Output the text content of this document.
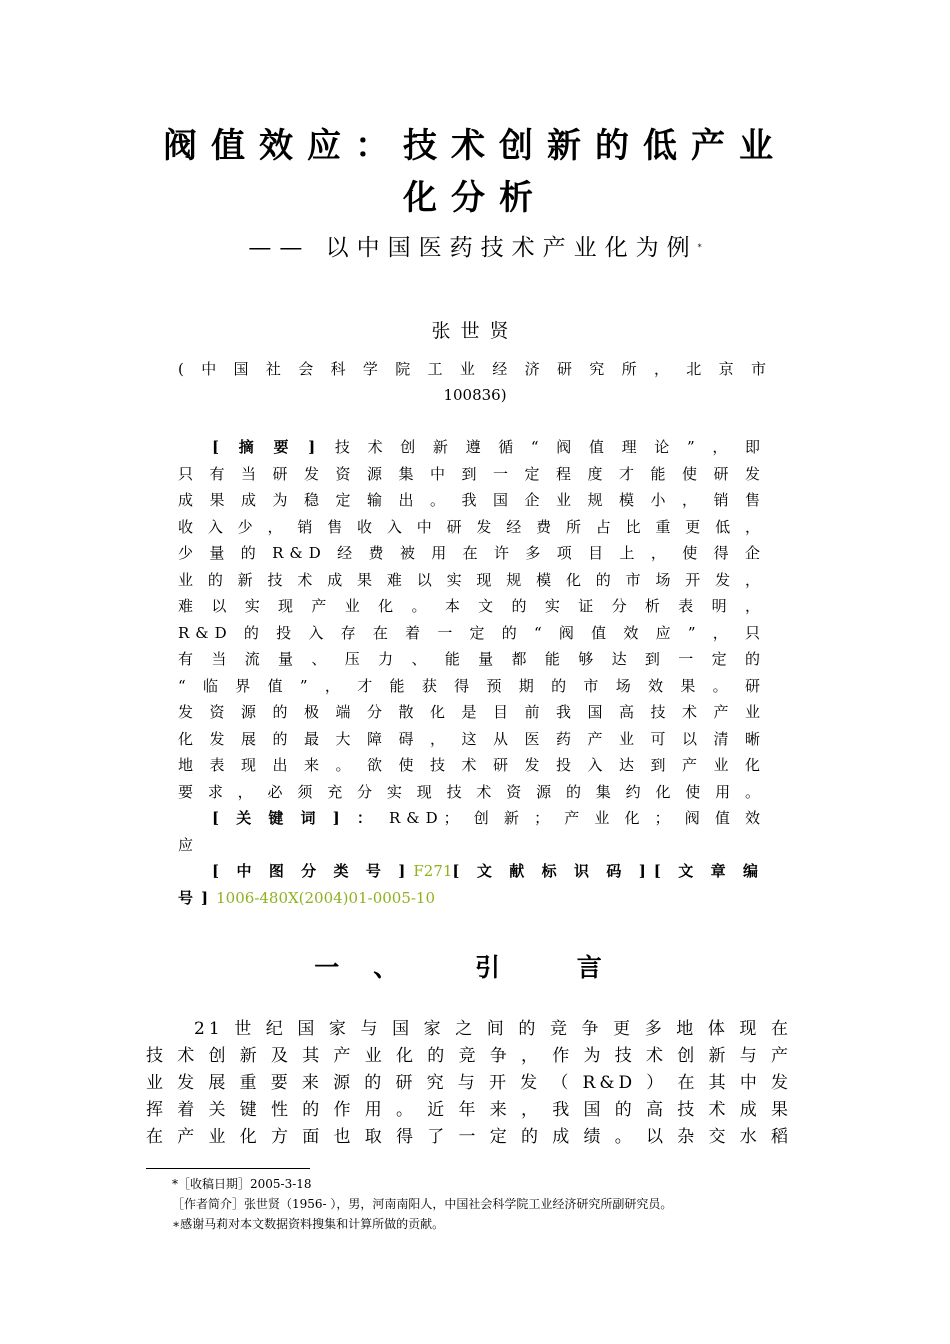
阀值效应：技术创新的低产业
化分析
—— 以中国医药技术产业化为例*
张世贤
(中国社会科学院工业经济研究所，北京市
100836)
[摘要]技术创新遵循“阀值理论”，即
只有当研发资源集中到一定程度才能使研发
成果成为稳定输出。我国企业规模小，销售
收入少，销售收入中研发经费所占比重更低，
少量的R&D经费被用在许多项目上，使得企
业的新技术成果难以实现规模化的市场开发，
难以实现产业化。本文的实证分析表明，
R&D的投入存在着一定的“阀值效应”，只
有当流量、压力、能量都能够达到一定的
“临界值”，才能获得预期的市场效果。研
发资源的极端分散化是目前我国高技术产业
化发展的最大障碍，这从医药产业可以清晰
地表现出来。欲使技术研发投入达到产业化
要求，必须充分实现技术资源的集约化使用。
[关键词]：R&D；创新；产业化；阀值效
应
[中图分类号]F271[文献标识码][文章编
号]1006-480X(2004)01-0005-10
一、 引 言
21世纪国家与国家之间的竞争更多地体现在
技术创新及其产业化的竞争，作为技术创新与产
业发展重要来源的研究与开发（R&D）在其中发
挥着关键性的作用。近年来，我国的高技术成果
在产业化方面也取得了一定的成绩。以杂交水稻
*［收稿日期］2005-3-18
［作者简介］张世贤（1956- ），男，河南南阳人，中国社会科学院工业经济研究所副研究员。
∗感谢马莉对本文数据资料搜集和计算所做的贡献。
